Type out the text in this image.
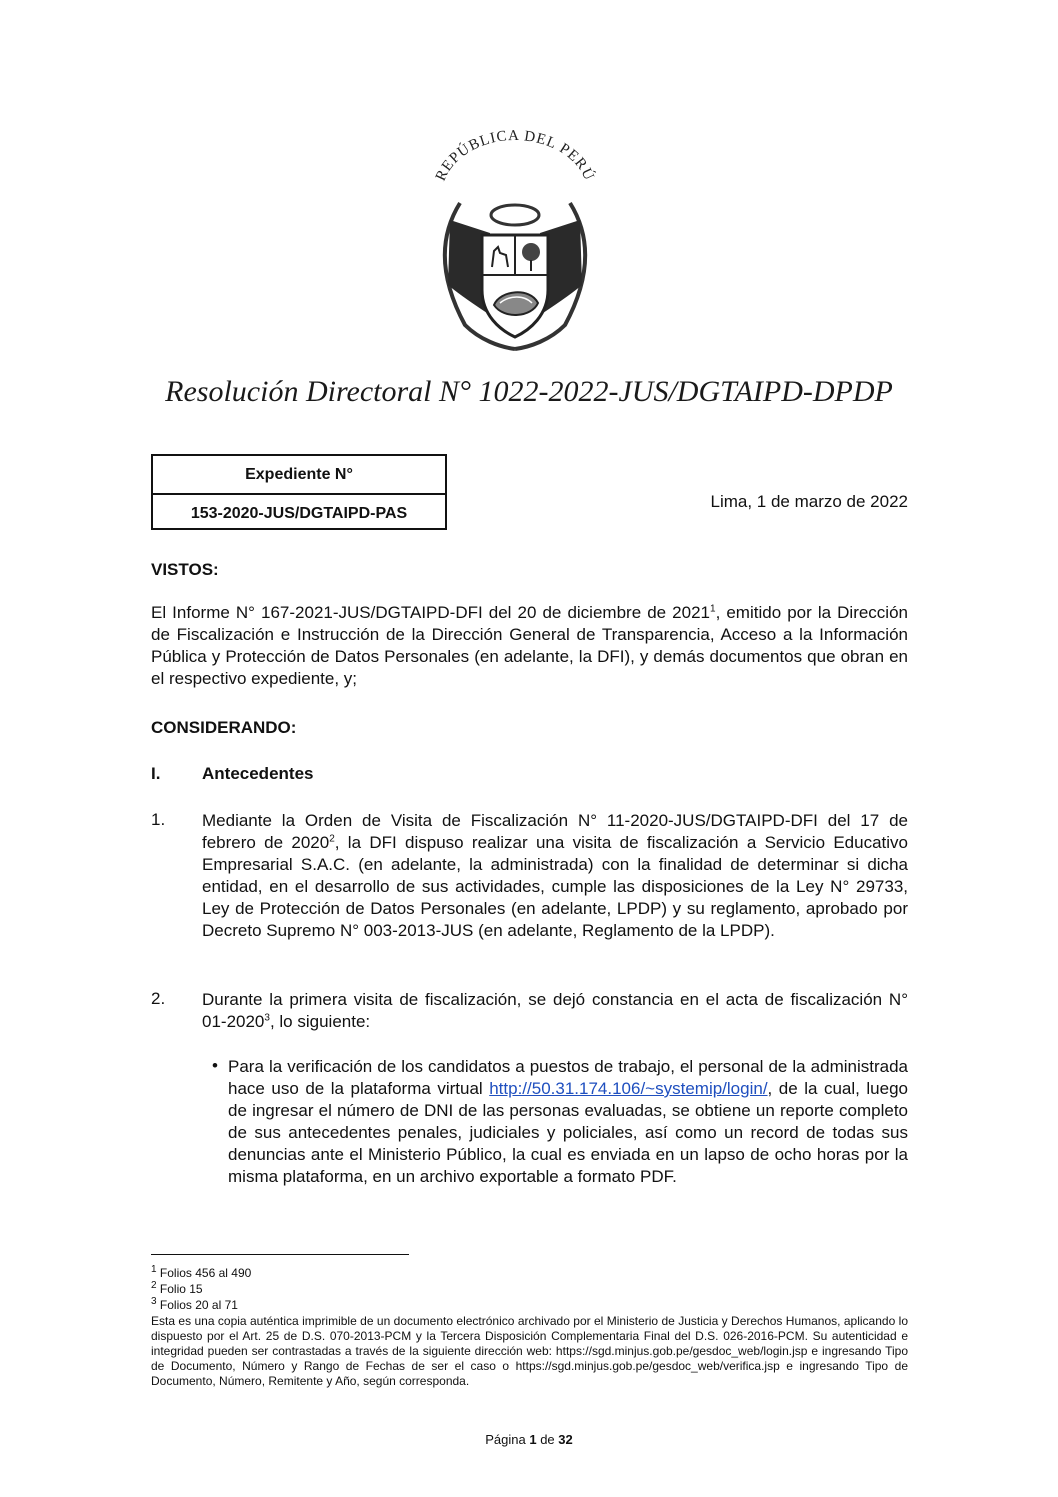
REPÚBLICA DEL PERÚ
Resolución Directoral N° 1022-2022-JUS/DGTAIPD-DPDP
Expediente N°
153-2020-JUS/DGTAIPD-PAS
Lima, 1 de marzo de 2022
VISTOS:
El Informe N° 167-2021-JUS/DGTAIPD-DFI del 20 de diciembre de 2021$^1$, emitido por la Dirección de Fiscalización e Instrucción de la Dirección General de Transparencia, Acceso a la Información Pública y Protección de Datos Personales (en adelante, la DFI), y demás documentos que obran en el respectivo expediente, y;
CONSIDERANDO:
I. Antecedentes
1. Mediante la Orden de Visita de Fiscalización N° 11-2020-JUS/DGTAIPD-DFI del 17 de febrero de 2020$^2$, la DFI dispuso realizar una visita de fiscalización a Servicio Educativo Empresarial S.A.C. (en adelante, la administrada) con la finalidad de determinar si dicha entidad, en el desarrollo de sus actividades, cumple las disposiciones de la Ley N° 29733, Ley de Protección de Datos Personales (en adelante, LPDP) y su reglamento, aprobado por Decreto Supremo N° 003-2013-JUS (en adelante, Reglamento de la LPDP).
2. Durante la primera visita de fiscalización, se dejó constancia en el acta de fiscalización N° 01-2020$^3$, lo siguiente:
• Para la verificación de los candidatos a puestos de trabajo, el personal de la administrada hace uso de la plataforma virtual http://50.31.174.106/~systemip/login/, de la cual, luego de ingresar el número de DNI de las personas evaluadas, se obtiene un reporte completo de sus antecedentes penales, judiciales y policiales, así como un record de todas sus denuncias ante el Ministerio Público, la cual es enviada en un lapso de ocho horas por la misma plataforma, en un archivo exportable a formato PDF.
$^1$ Folios 456 al 490
$^2$ Folio 15
$^3$ Folios 20 al 71
Esta es una copia auténtica imprimible de un documento electrónico archivado por el Ministerio de Justicia y Derechos Humanos, aplicando lo dispuesto por el Art. 25 de D.S. 070-2013-PCM y la Tercera Disposición Complementaria Final del D.S. 026-2016-PCM. Su autenticidad e integridad pueden ser contrastadas a través de la siguiente dirección web: https://sgd.minjus.gob.pe/gesdoc_web/login.jsp e ingresando Tipo de Documento, Número y Rango de Fechas de ser el caso o https://sgd.minjus.gob.pe/gesdoc_web/verifica.jsp e ingresando Tipo de Documento, Número, Remitente y Año, según corresponda.
Página 1 de 32
